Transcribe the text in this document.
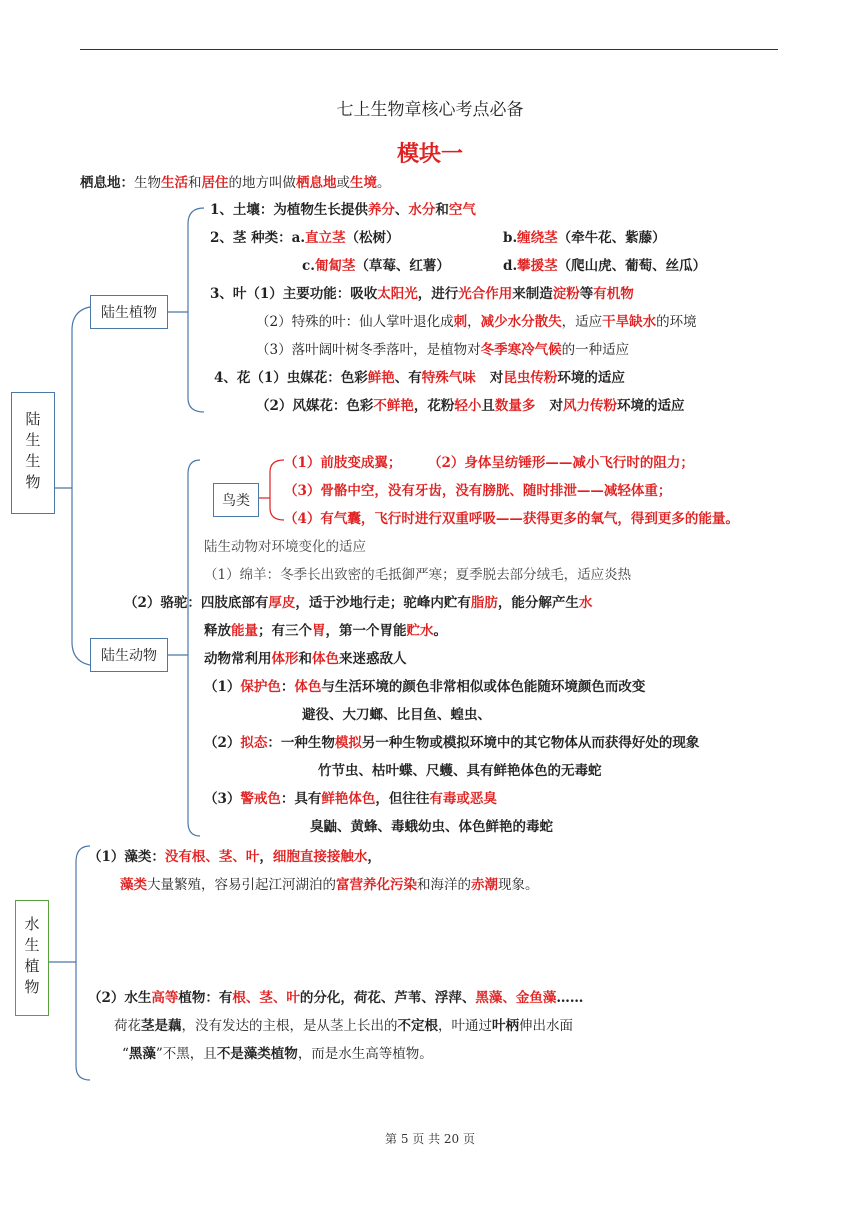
七上生物章核心考点必备
模块一
栖息地：生物生活和居住的地方叫做栖息地或生境。
陆生生物
陆生植物
鸟类
陆生动物
水生植物
1、土壤：为植物生长提供养分、水分和空气
2、茎 种类：a.直立茎（松树）	b.缠绕茎（牵牛花、紫藤）
c.匍匐茎（草莓、红薯）	d.攀援茎（爬山虎、葡萄、丝瓜）
3、叶（1）主要功能：吸收太阳光，进行光合作用来制造淀粉等有机物
（2）特殊的叶：仙人掌叶退化成刺，减少水分散失，适应干旱缺水的环境
（3）落叶阔叶树冬季落叶，是植物对冬季寒冷气候的一种适应
4、花（1）虫媒花：色彩鲜艳、有特殊气味   对昆虫传粉环境的适应
（2）风媒花：色彩不鲜艳，花粉轻小且数量多   对风力传粉环境的适应
（1）前肢变成翼； （2）身体呈纺锤形——减小飞行时的阻力；
（3）骨骼中空，没有牙齿，没有膀胱、随时排泄——减轻体重；
（4）有气囊，飞行时进行双重呼吸——获得更多的氧气，得到更多的能量。
陆生动物对环境变化的适应
（1）绵羊：冬季长出致密的毛抵御严寒；夏季脱去部分绒毛，适应炎热
（2）骆驼：四肢底部有厚皮，适于沙地行走；驼峰内贮有脂肪，能分解产生水
释放能量；有三个胃，第一个胃能贮水。
动物常利用体形和体色来迷惑敌人
（1）保护色：体色与生活环境的颜色非常相似或体色能随环境颜色而改变
避役、大刀螂、比目鱼、蝗虫、
（2）拟态：一种生物模拟另一种生物或模拟环境中的其它物体从而获得好处的现象
竹节虫、枯叶蝶、尺蠖、具有鲜艳体色的无毒蛇
（3）警戒色：具有鲜艳体色，但往往有毒或恶臭
臭鼬、黄蜂、毒蛾幼虫、体色鲜艳的毒蛇
（1）藻类：没有根、茎、叶，细胞直接接触水，
藻类大量繁殖，容易引起江河湖泊的富营养化污染和海洋的赤潮现象。
（2）水生高等植物：有根、茎、叶的分化，荷花、芦苇、浮萍、黑藻、金鱼藻……
荷花茎是藕，没有发达的主根，是从茎上长出的不定根，叶通过叶柄伸出水面
“黑藻”不黑，且不是藻类植物，而是水生高等植物。
第 5 页 共 20 页
